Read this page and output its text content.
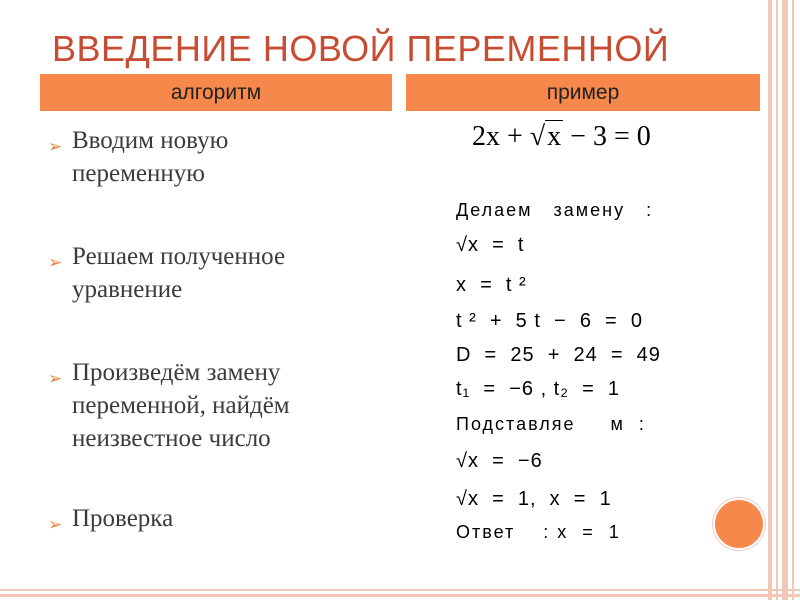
ВВЕДЕНИЕ НОВОЙ ПЕРЕМЕННОЙ
алгоритм	пример
➢ Вводим новую
переменную
➢ Решаем полученное
уравнение
➢ Произведём замену
переменной, найдём
неизвестное число
➢ Проверка
2x + √x − 3 = 0
Делаем   замену   :
√x  =  t
x  =  t ²
t ²  +  5 t  −  6  =  0
D  =  25  +  24  =  49
t₁  =  −6 , t₂  =  1
Подставляе     м  :
√x  =  −6
√x  =  1,  x  =  1
Ответ    : x  =  1
